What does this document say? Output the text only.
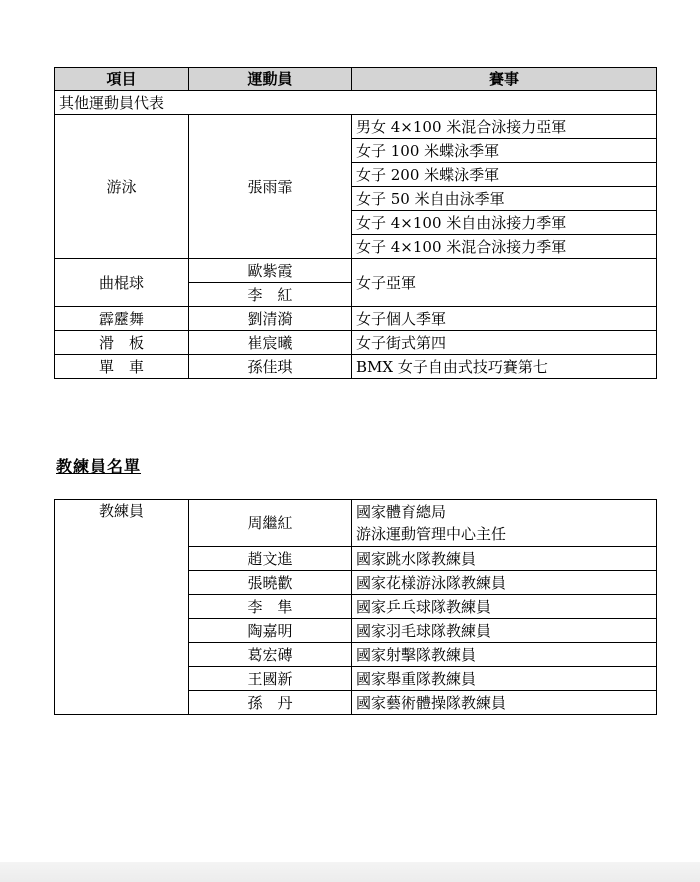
項目	運動員	賽事
其他運動員代表		
游泳	張雨霏	男女 4×100 米混合泳接力亞軍
		女子 100 米蝶泳季軍
		女子 200 米蝶泳季軍
		女子 50 米自由泳季軍
		女子 4×100 米自由泳接力季軍
		女子 4×100 米混合泳接力季軍
曲棍球	歐紫霞	女子亞軍
	李　紅	
霹靂舞	劉清漪	女子個人季軍
滑　板	崔宸曦	女子街式第四
單　車	孫佳琪	BMX 女子自由式技巧賽第七
教練員名單
教練員	周繼紅	國家體育總局
游泳運動管理中心主任

	趙文進	國家跳水隊教練員
	張曉歡	國家花樣游泳隊教練員
	李　隼	國家乒乓球隊教練員
	陶嘉明	國家羽毛球隊教練員
	葛宏磚	國家射擊隊教練員
	王國新	國家舉重隊教練員
	孫　丹	國家藝術體操隊教練員
